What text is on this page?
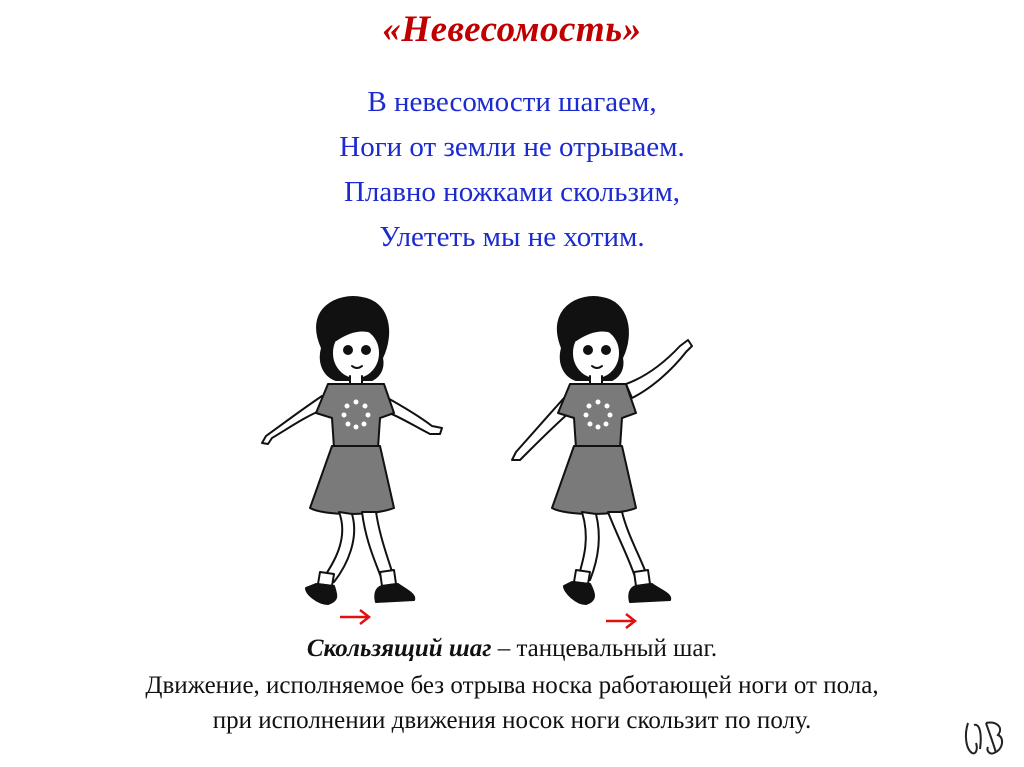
«Невесомость»
В невесомости шагаем,
Ноги от земли не отрываем.
Плавно ножками скользим,
Улететь мы не хотим.
Скользящий шаг – танцевальный шаг.
Движение, исполняемое без отрыва носка работающей ноги от пола,
при исполнении движения носок ноги скользит по полу.
